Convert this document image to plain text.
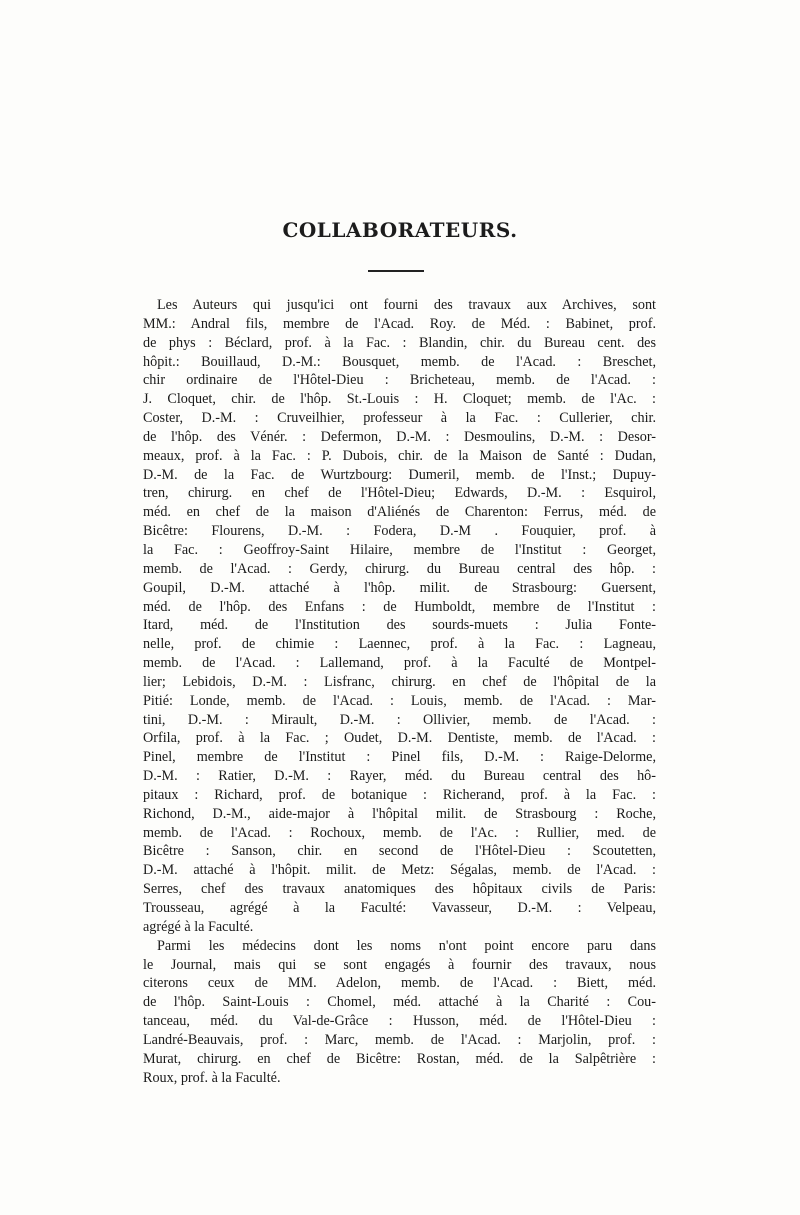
COLLABORATEURS.
Les Auteurs qui jusqu'ici ont fourni des travaux aux Archives, sont
MM.: Andral fils, membre de l'Acad. Roy. de Méd. : Babinet, prof.
de phys : Béclard, prof. à la Fac. : Blandin, chir. du Bureau cent. des
hôpit.: Bouillaud, D.-M.: Bousquet, memb. de l'Acad. : Breschet,
chir ordinaire de l'Hôtel-Dieu : Bricheteau, memb. de l'Acad. :
J. Cloquet, chir. de l'hôp. St.-Louis : H. Cloquet; memb. de l'Ac. :
Coster, D.-M. : Cruveilhier, professeur à la Fac. : Cullerier, chir.
de l'hôp. des Vénér. : Defermon, D.-M. : Desmoulins, D.-M. : Desor-
meaux, prof. à la Fac. : P. Dubois, chir. de la Maison de Santé : Dudan,
D.-M. de la Fac. de Wurtzbourg: Dumeril, memb. de l'Inst.; Dupuy-
tren, chirurg. en chef de l'Hôtel-Dieu; Edwards, D.-M. : Esquirol,
méd. en chef de la maison d'Aliénés de Charenton: Ferrus, méd. de
Bicêtre: Flourens, D.-M. : Fodera, D.-M . Fouquier, prof. à
la Fac. : Geoffroy-Saint Hilaire, membre de l'Institut : Georget,
memb. de l'Acad. : Gerdy, chirurg. du Bureau central des hôp. :
Goupil, D.-M. attaché à l'hôp. milit. de Strasbourg: Guersent,
méd. de l'hôp. des Enfans : de Humboldt, membre de l'Institut :
Itard, méd. de l'Institution des sourds-muets : Julia Fonte-
nelle, prof. de chimie : Laennec, prof. à la Fac. : Lagneau,
memb. de l'Acad. : Lallemand, prof. à la Faculté de Montpel-
lier; Lebidois, D.-M. : Lisfranc, chirurg. en chef de l'hôpital de la
Pitié: Londe, memb. de l'Acad. : Louis, memb. de l'Acad. : Mar-
tini, D.-M. : Mirault, D.-M. : Ollivier, memb. de l'Acad. :
Orfila, prof. à la Fac. ; Oudet, D.-M. Dentiste, memb. de l'Acad. :
Pinel, membre de l'Institut : Pinel fils, D.-M. : Raige-Delorme,
D.-M. : Ratier, D.-M. : Rayer, méd. du Bureau central des hô-
pitaux : Richard, prof. de botanique : Richerand, prof. à la Fac. :
Richond, D.-M., aide-major à l'hôpital milit. de Strasbourg : Roche,
memb. de l'Acad. : Rochoux, memb. de l'Ac. : Rullier, med. de
Bicêtre : Sanson, chir. en second de l'Hôtel-Dieu : Scoutetten,
D.-M. attaché à l'hôpit. milit. de Metz: Ségalas, memb. de l'Acad. :
Serres, chef des travaux anatomiques des hôpitaux civils de Paris:
Trousseau, agrégé à la Faculté: Vavasseur, D.-M. : Velpeau,
agrégé à la Faculté.
Parmi les médecins dont les noms n'ont point encore paru dans
le Journal, mais qui se sont engagés à fournir des travaux, nous
citerons ceux de MM. Adelon, memb. de l'Acad. : Biett, méd.
de l'hôp. Saint-Louis : Chomel, méd. attaché à la Charité : Cou-
tanceau, méd. du Val-de-Grâce : Husson, méd. de l'Hôtel-Dieu :
Landré-Beauvais, prof. : Marc, memb. de l'Acad. : Marjolin, prof. :
Murat, chirurg. en chef de Bicêtre: Rostan, méd. de la Salpêtrière :
Roux, prof. à la Faculté.
